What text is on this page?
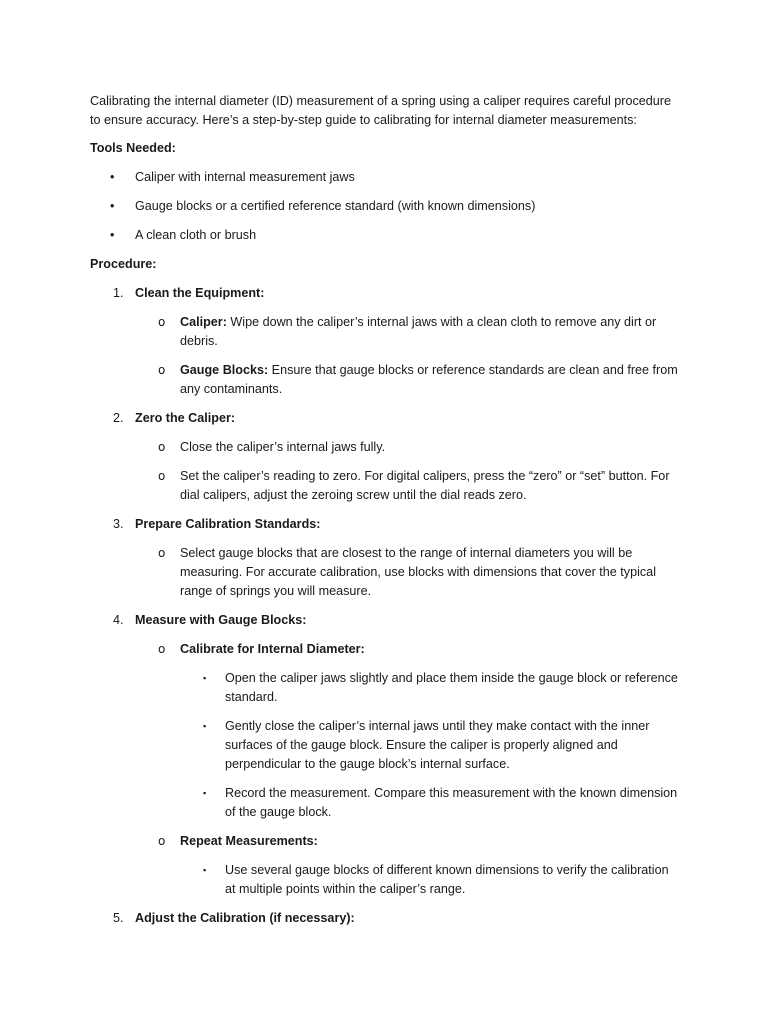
Calibrating the internal diameter (ID) measurement of a spring using a caliper requires careful procedure to ensure accuracy. Here’s a step-by-step guide to calibrating for internal diameter measurements:

Tools Needed:

• Caliper with internal measurement jaws
• Gauge blocks or a certified reference standard (with known dimensions)
• A clean cloth or brush

Procedure:

1. Clean the Equipment:

o Caliper: Wipe down the caliper’s internal jaws with a clean cloth to remove any dirt or debris.
o Gauge Blocks: Ensure that gauge blocks or reference standards are clean and free from any contaminants.
2. Zero the Caliper:

o Close the caliper’s internal jaws fully.
o Set the caliper’s reading to zero. For digital calipers, press the “zero” or “set” button. For dial calipers, adjust the zeroing screw until the dial reads zero.
3. Prepare Calibration Standards:

o Select gauge blocks that are closest to the range of internal diameters you will be measuring. For accurate calibration, use blocks with dimensions that cover the typical range of springs you will measure.
4. Measure with Gauge Blocks:

o Calibrate for Internal Diameter:
▪ Open the caliper jaws slightly and place them inside the gauge block or reference standard.
▪ Gently close the caliper’s internal jaws until they make contact with the inner surfaces of the gauge block. Ensure the caliper is properly aligned and perpendicular to the gauge block’s internal surface.
▪ Record the measurement. Compare this measurement with the known dimension of the gauge block.
o Repeat Measurements:
▪ Use several gauge blocks of different known dimensions to verify the calibration at multiple points within the caliper’s range.
5. Adjust the Calibration (if necessary):
